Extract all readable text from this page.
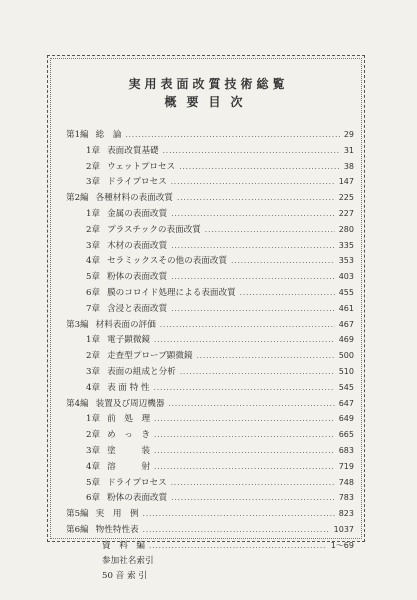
実用表面改質技術総覧
概要目次
第1編 総　論 .....	29
1章 表面改質基礎 .....	31
2章 ウェットプロセス .....	38
3章 ドライプロセス .....	147
第2編 各種材料の表面改質 .....	225
1章 金属の表面改質 .....	227
2章 プラスチックの表面改質 .....	280
3章 木材の表面改質 .....	335
4章 セラミックスその他の表面改質 .....	353
5章 粉体の表面改質 .....	403
6章 膜のコロイド処理による表面改質 .....	455
7章 含浸と表面改質 .....	461
第3編 材料表面の評価 .....	467
1章 電子顕微鏡 .....	469
2章 走査型プローブ顕微鏡 .....	500
3章 表面の組成と分析 .....	510
4章 表 面 特 性 .....	545
第4編 装置及び周辺機器 .....	647
1章 前　処　理 .....	649
2章 め　っ　き .....	665
3章 塗　　　装 .....	683
4章 溶　　　射 .....	719
5章 ドライプロセス .....	748
6章 粉体の表面改質 .....	783
第5編 実　用　例 .....	823
第6編 物性特性表 .....	1037
資　料　編 .....	1～69
参加社名索引
50 音 索 引
